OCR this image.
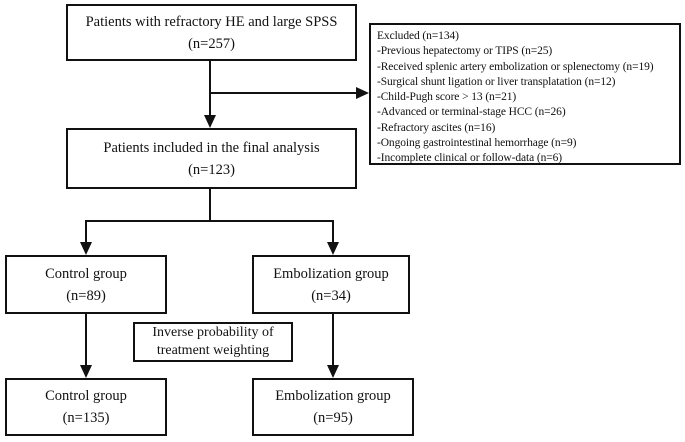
Patients with refractory HE and large SPSS
(n=257)	Excluded (n=134)
-Previous hepatectomy or TIPS (n=25)
-Received splenic artery embolization or splenectomy (n=19)
-Surgical shunt ligation or liver transplatation (n=12)
-Child-Pugh score > 13 (n=21)
-Advanced or terminal-stage HCC (n=26)
-Refractory ascites (n=16)
-Ongoing gastrointestinal hemorrhage (n=9)
-Incomplete clinical or follow-data (n=6)
Patients included in the final analysis
(n=123)
Control group
(n=89)
Embolization group
(n=34)
Inverse probability of
treatment weighting
Control group
(n=135)
Embolization group
(n=95)
